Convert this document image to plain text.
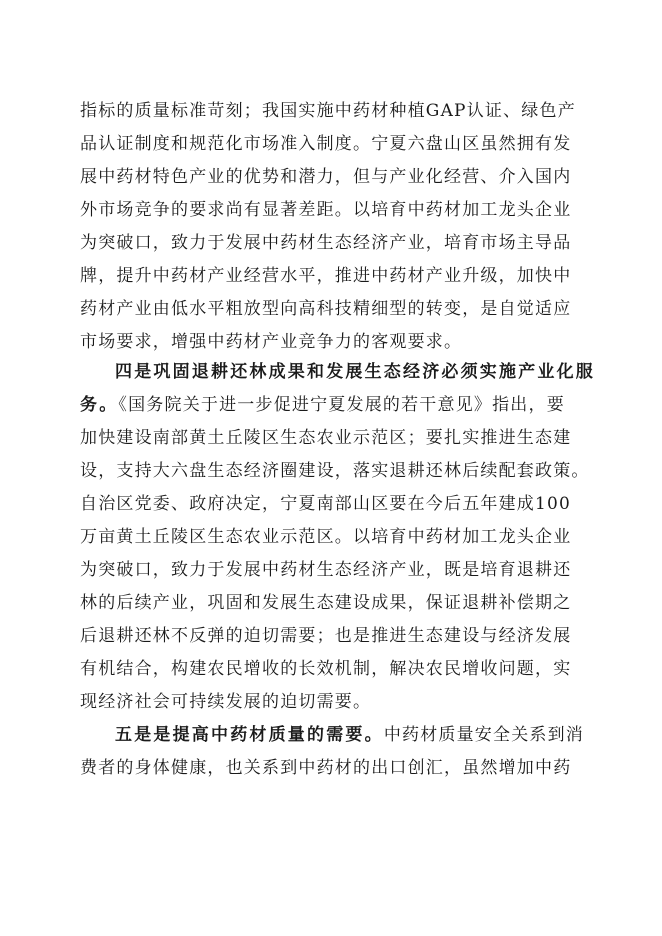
指标的质量标准苛刻；我国实施中药材种植GAP认证、绿色产
品认证制度和规范化市场准入制度。宁夏六盘山区虽然拥有发
展中药材特色产业的优势和潜力，但与产业化经营、介入国内
外市场竞争的要求尚有显著差距。以培育中药材加工龙头企业
为突破口，致力于发展中药材生态经济产业，培育市场主导品
牌，提升中药材产业经营水平，推进中药材产业升级，加快中
药材产业由低水平粗放型向高科技精细型的转变，是自觉适应
市场要求，增强中药材产业竞争力的客观要求。
四是巩固退耕还林成果和发展生态经济必须实施产业化服
务。《国务院关于进一步促进宁夏发展的若干意见》指出，要
加快建设南部黄土丘陵区生态农业示范区；要扎实推进生态建
设，支持大六盘生态经济圈建设，落实退耕还林后续配套政策。
自治区党委、政府决定，宁夏南部山区要在今后五年建成100
万亩黄土丘陵区生态农业示范区。以培育中药材加工龙头企业
为突破口，致力于发展中药材生态经济产业，既是培育退耕还
林的后续产业，巩固和发展生态建设成果，保证退耕补偿期之
后退耕还林不反弹的迫切需要；也是推进生态建设与经济发展
有机结合，构建农民增收的长效机制，解决农民增收问题，实
现经济社会可持续发展的迫切需要。
五是是提高中药材质量的需要。中药材质量安全关系到消
费者的身体健康，也关系到中药材的出口创汇，虽然增加中药
